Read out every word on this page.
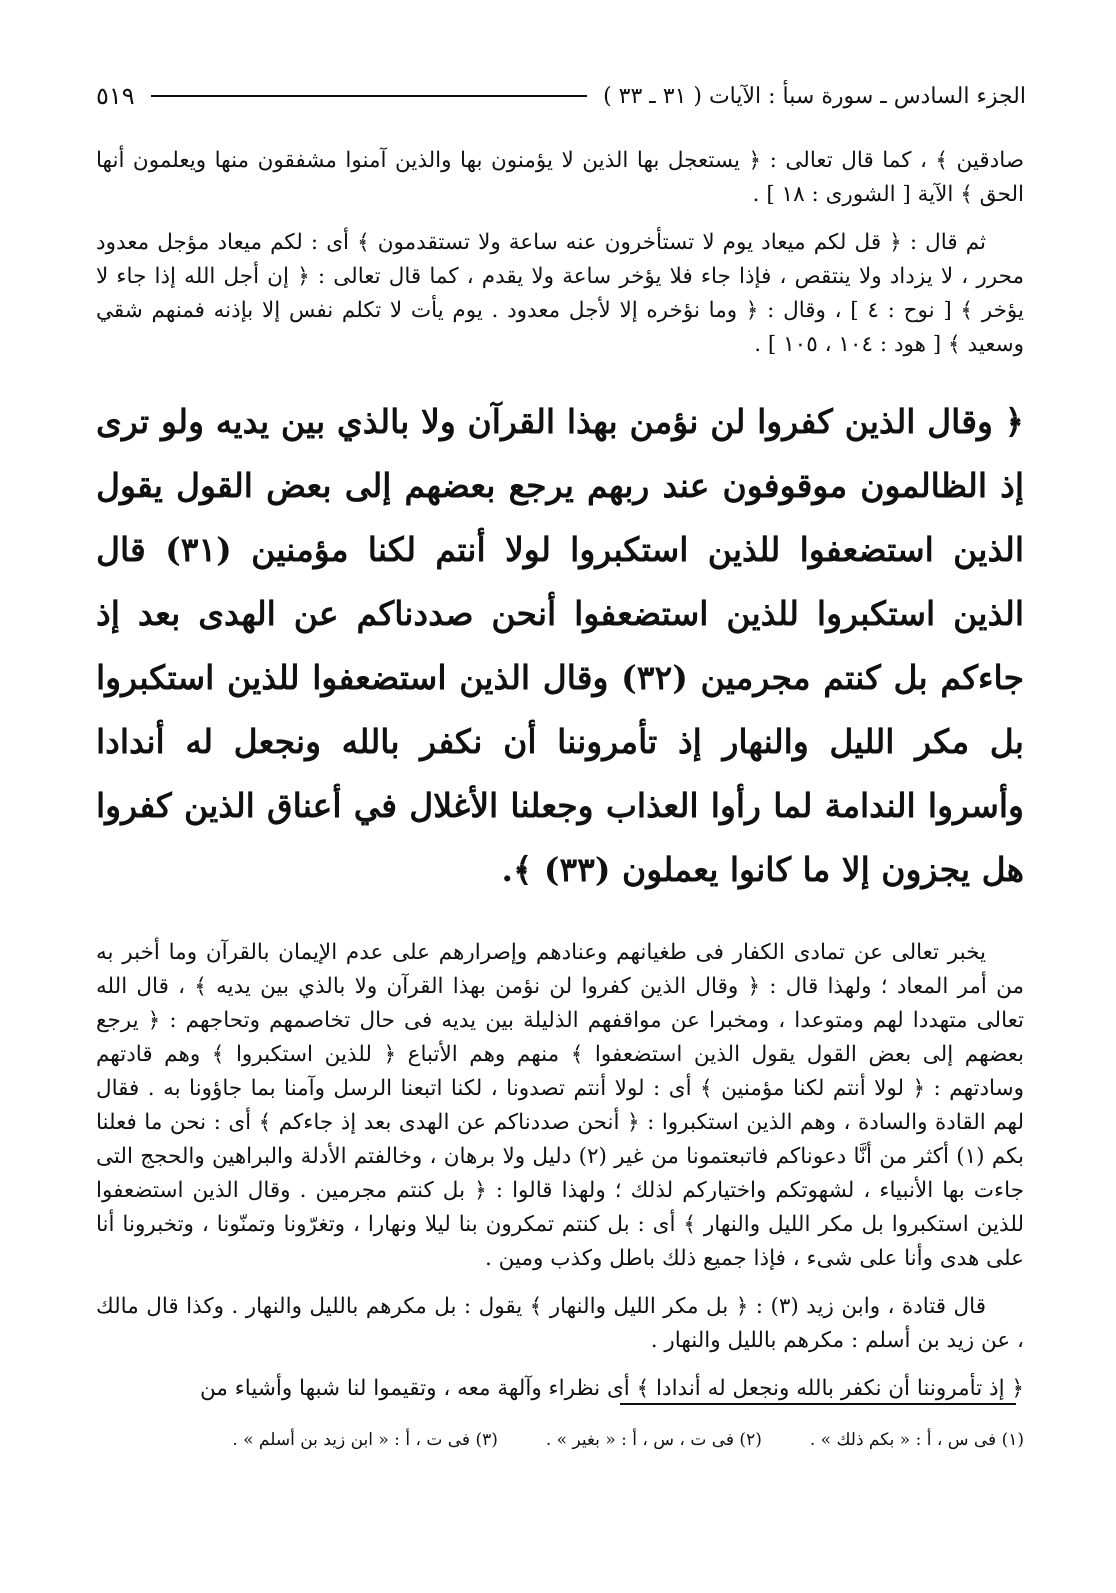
الجزء السادس ـ سورة سبأ : الآيات ( ٣١ ـ ٣٣ )
٥١٩

صادقين ﴾ ، كما قال تعالى : ﴿ يستعجل بها الذين لا يؤمنون بها والذين آمنوا مشفقون منها ويعلمون أنها الحق ﴾ الآية [ الشورى : ١٨ ] .

ثم قال : ﴿ قل لكم ميعاد يوم لا تستأخرون عنه ساعة ولا تستقدمون ﴾ أى : لكم ميعاد مؤجل معدود محرر ، لا يزداد ولا ينتقص ، فإذا جاء فلا يؤخر ساعة ولا يقدم ، كما قال تعالى : ﴿ إن أجل الله إذا جاء لا يؤخر ﴾ [ نوح : ٤ ] ، وقال : ﴿ وما نؤخره إلا لأجل معدود . يوم يأت لا تكلم نفس إلا بإذنه فمنهم شقي وسعيد ﴾ [ هود : ١٠٤ ، ١٠٥ ] .

﴿ وقال الذين كفروا لن نؤمن بهذا القرآن ولا بالذي بين يديه ولو ترى إذ الظالمون موقوفون عند ربهم يرجع بعضهم إلى بعض القول يقول الذين استضعفوا للذين استكبروا لولا أنتم لكنا مؤمنين (٣١) قال الذين استكبروا للذين استضعفوا أنحن صددناكم عن الهدى بعد إذ جاءكم بل كنتم مجرمين (٣٢) وقال الذين استضعفوا للذين استكبروا بل مكر الليل والنهار إذ تأمروننا أن نكفر بالله ونجعل له أندادا وأسروا الندامة لما رأوا العذاب وجعلنا الأغلال في أعناق الذين كفروا هل يجزون إلا ما كانوا يعملون (٣٣) ﴾.

يخبر تعالى عن تمادى الكفار فى طغيانهم وعنادهم وإصرارهم على عدم الإيمان بالقرآن وما أخبر به من أمر المعاد ؛ ولهذا قال : ﴿ وقال الذين كفروا لن نؤمن بهذا القرآن ولا بالذي بين يديه ﴾ ، قال الله تعالى متهددا لهم ومتوعدا ، ومخبرا عن مواقفهم الذليلة بين يديه فى حال تخاصمهم وتحاجهم : ﴿ يرجع بعضهم إلى بعض القول يقول الذين استضعفوا ﴾ منهم وهم الأتباع ﴿ للذين استكبروا ﴾ وهم قادتهم وسادتهم : ﴿ لولا أنتم لكنا مؤمنين ﴾ أى : لولا أنتم تصدونا ، لكنا اتبعنا الرسل وآمنا بما جاؤونا به . فقال لهم القادة والسادة ، وهم الذين استكبروا : ﴿ أنحن صددناكم عن الهدى بعد إذ جاءكم ﴾ أى : نحن ما فعلنا بكم (١) أكثر من أنَّا دعوناكم فاتبعتمونا من غير (٢) دليل ولا برهان ، وخالفتم الأدلة والبراهين والحجج التى جاءت بها الأنبياء ، لشهوتكم واختياركم لذلك ؛ ولهذا قالوا : ﴿ بل كنتم مجرمين . وقال الذين استضعفوا للذين استكبروا بل مكر الليل والنهار ﴾ أى : بل كنتم تمكرون بنا ليلا ونهارا ، وتغرّونا وتمنّونا ، وتخبرونا أنا على هدى وأنا على شىء ، فإذا جميع ذلك باطل وكذب ومين .

قال قتادة ، وابن زيد (٣) : ﴿ بل مكر الليل والنهار ﴾ يقول : بل مكرهم بالليل والنهار . وكذا قال مالك ، عن زيد بن أسلم : مكرهم بالليل والنهار .

﴿ إذ تأمروننا أن نكفر بالله ونجعل له أندادا ﴾ أى نظراء وآلهة معه ، وتقيموا لنا شبها وأشياء من

(١) فى س ، أ : « بكم ذلك » .
(٢) فى ت ، س ، أ : « بغير » .
(٣) فى ت ، أ : « ابن زيد بن أسلم » .
